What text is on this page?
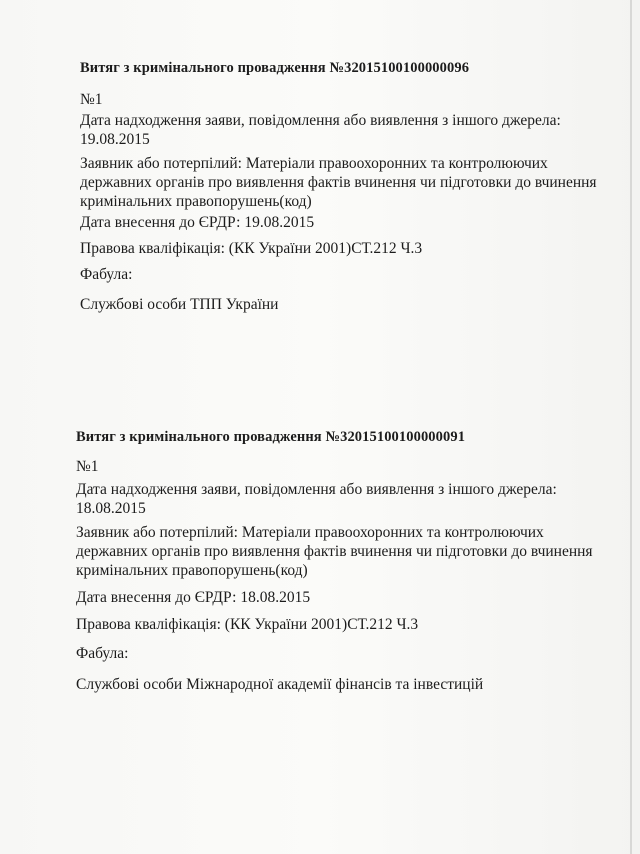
Витяг з кримінального провадження №32015100100000096
№1
Дата надходження заяви, повідомлення або виявлення з іншого джерела:
19.08.2015
Заявник або потерпілий: Матеріали правоохоронних та контролюючих
державних органів про виявлення фактів вчинення чи підготовки до вчинення
кримінальних правопорушень(код)
Дата внесення до ЄРДР: 19.08.2015
Правова кваліфікація: (КК України 2001)СТ.212 Ч.3
Фабула:
Службові особи ТПП України
Витяг з кримінального провадження №32015100100000091
№1
Дата надходження заяви, повідомлення або виявлення з іншого джерела:
18.08.2015
Заявник або потерпілий: Матеріали правоохоронних та контролюючих
державних органів про виявлення фактів вчинення чи підготовки до вчинення
кримінальних правопорушень(код)
Дата внесення до ЄРДР: 18.08.2015
Правова кваліфікація: (КК України 2001)СТ.212 Ч.3
Фабула:
Службові особи Міжнародної академії фінансів та інвестицій
